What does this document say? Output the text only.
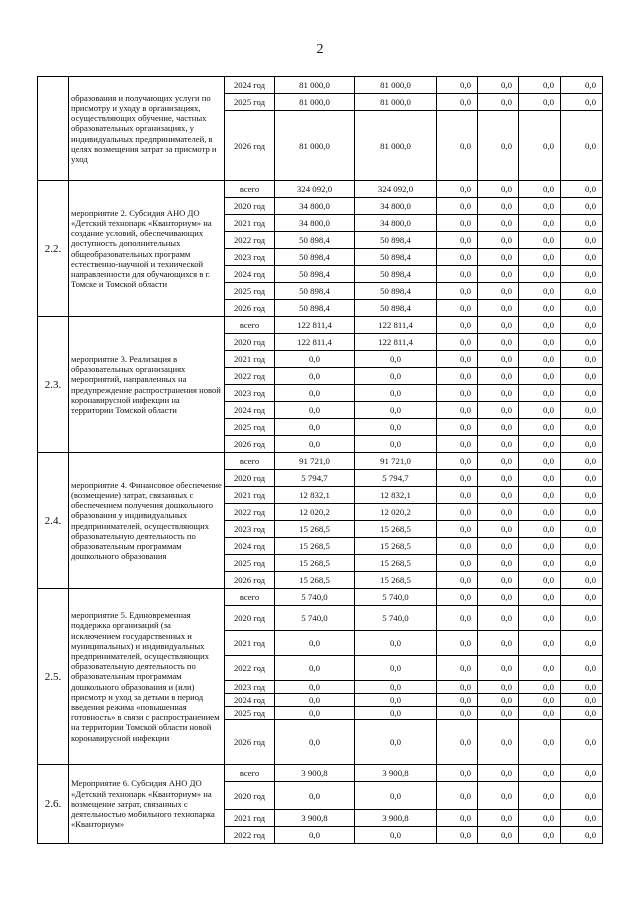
2
	образования и получающих услуги по присмотру и уходу в организациях, осуществляющих обучение, частных образовательных организациях, у индивидуальных предпринимателей, в целях возмещения затрат за присмотр и уход	2024 год	81 000,0	81 000,0	0,0	0,0	0,0	0,0
		2025 год	81 000,0	81 000,0	0,0	0,0	0,0	0,0
		2026 год	81 000,0	81 000,0	0,0	0,0	0,0	0,0
2.2.	мероприятие 2. Субсидия АНО ДО «Детский технопарк «Кванториум» на создание условий, обеспечивающих доступность дополнительных общеобразовательных программ естественно-научной и технической направленности для обучающихся в г. Томске и Томской области	всего	324 092,0	324 092,0	0,0	0,0	0,0	0,0
		2020 год	34 800,0	34 800,0	0,0	0,0	0,0	0,0
		2021 год	34 800,0	34 800,0	0,0	0,0	0,0	0,0
		2022 год	50 898,4	50 898,4	0,0	0,0	0,0	0,0
		2023 год	50 898,4	50 898,4	0,0	0,0	0,0	0,0
		2024 год	50 898,4	50 898,4	0,0	0,0	0,0	0,0
		2025 год	50 898,4	50 898,4	0,0	0,0	0,0	0,0
		2026 год	50 898,4	50 898,4	0,0	0,0	0,0	0,0
2.3.	мероприятие 3. Реализация в образовательных организациях мероприятий, направленных на предупреждение распространения новой коронавирусной инфекции на территории Томской области	всего	122 811,4	122 811,4	0,0	0,0	0,0	0,0
		2020 год	122 811,4	122 811,4	0,0	0,0	0,0	0,0
		2021 год	0,0	0,0	0,0	0,0	0,0	0,0
		2022 год	0,0	0,0	0,0	0,0	0,0	0,0
		2023 год	0,0	0,0	0,0	0,0	0,0	0,0
		2024 год	0,0	0,0	0,0	0,0	0,0	0,0
		2025 год	0,0	0,0	0,0	0,0	0,0	0,0
		2026 год	0,0	0,0	0,0	0,0	0,0	0,0
2.4.	мероприятие 4. Финансовое обеспечение (возмещение) затрат, связанных с обеспечением получения дошкольного образования у индивидуальных предпринимателей, осуществляющих образовательную деятельность по образовательным программам дошкольного образования	всего	91 721,0	91 721,0	0,0	0,0	0,0	0,0
		2020 год	5 794,7	5 794,7	0,0	0,0	0,0	0,0
		2021 год	12 832,1	12 832,1	0,0	0,0	0,0	0,0
		2022 год	12 020,2	12 020,2	0,0	0,0	0,0	0,0
		2023 год	15 268,5	15 268,5	0,0	0,0	0,0	0,0
		2024 год	15 268,5	15 268,5	0,0	0,0	0,0	0,0
		2025 год	15 268,5	15 268,5	0,0	0,0	0,0	0,0
		2026 год	15 268,5	15 268,5	0,0	0,0	0,0	0,0
2.5.	мероприятие 5. Единовременная поддержка организаций (за исключением государственных и муниципальных) и индивидуальных предпринимателей, осуществляющих образовательную деятельность по образовательным программам дошкольного образования и (или) присмотр и уход за детьми в период введения режима «повышенная готовность» в связи с распространением на территории Томской области новой коронавирусной инфекции	всего	5 740,0	5 740,0	0,0	0,0	0,0	0,0
		2020 год	5 740,0	5 740,0	0,0	0,0	0,0	0,0
		2021 год	0,0	0,0	0,0	0,0	0,0	0,0
		2022 год	0,0	0,0	0,0	0,0	0,0	0,0
		2023 год	0,0	0,0	0,0	0,0	0,0	0,0
		2024 год	0,0	0,0	0,0	0,0	0,0	0,0
		2025 год	0,0	0,0	0,0	0,0	0,0	0,0
		2026 год	0,0	0,0	0,0	0,0	0,0	0,0
2.6.	Мероприятие 6. Субсидия АНО ДО «Детский технопарк «Кванториум» на возмещение затрат, связанных с деятельностью мобильного технопарка «Кванториум»	всего	3 900,8	3 900,8	0,0	0,0	0,0	0,0
		2020 год	0,0	0,0	0,0	0,0	0,0	0,0
		2021 год	3 900,8	3 900,8	0,0	0,0	0,0	0,0
		2022 год	0,0	0,0	0,0	0,0	0,0	0,0
